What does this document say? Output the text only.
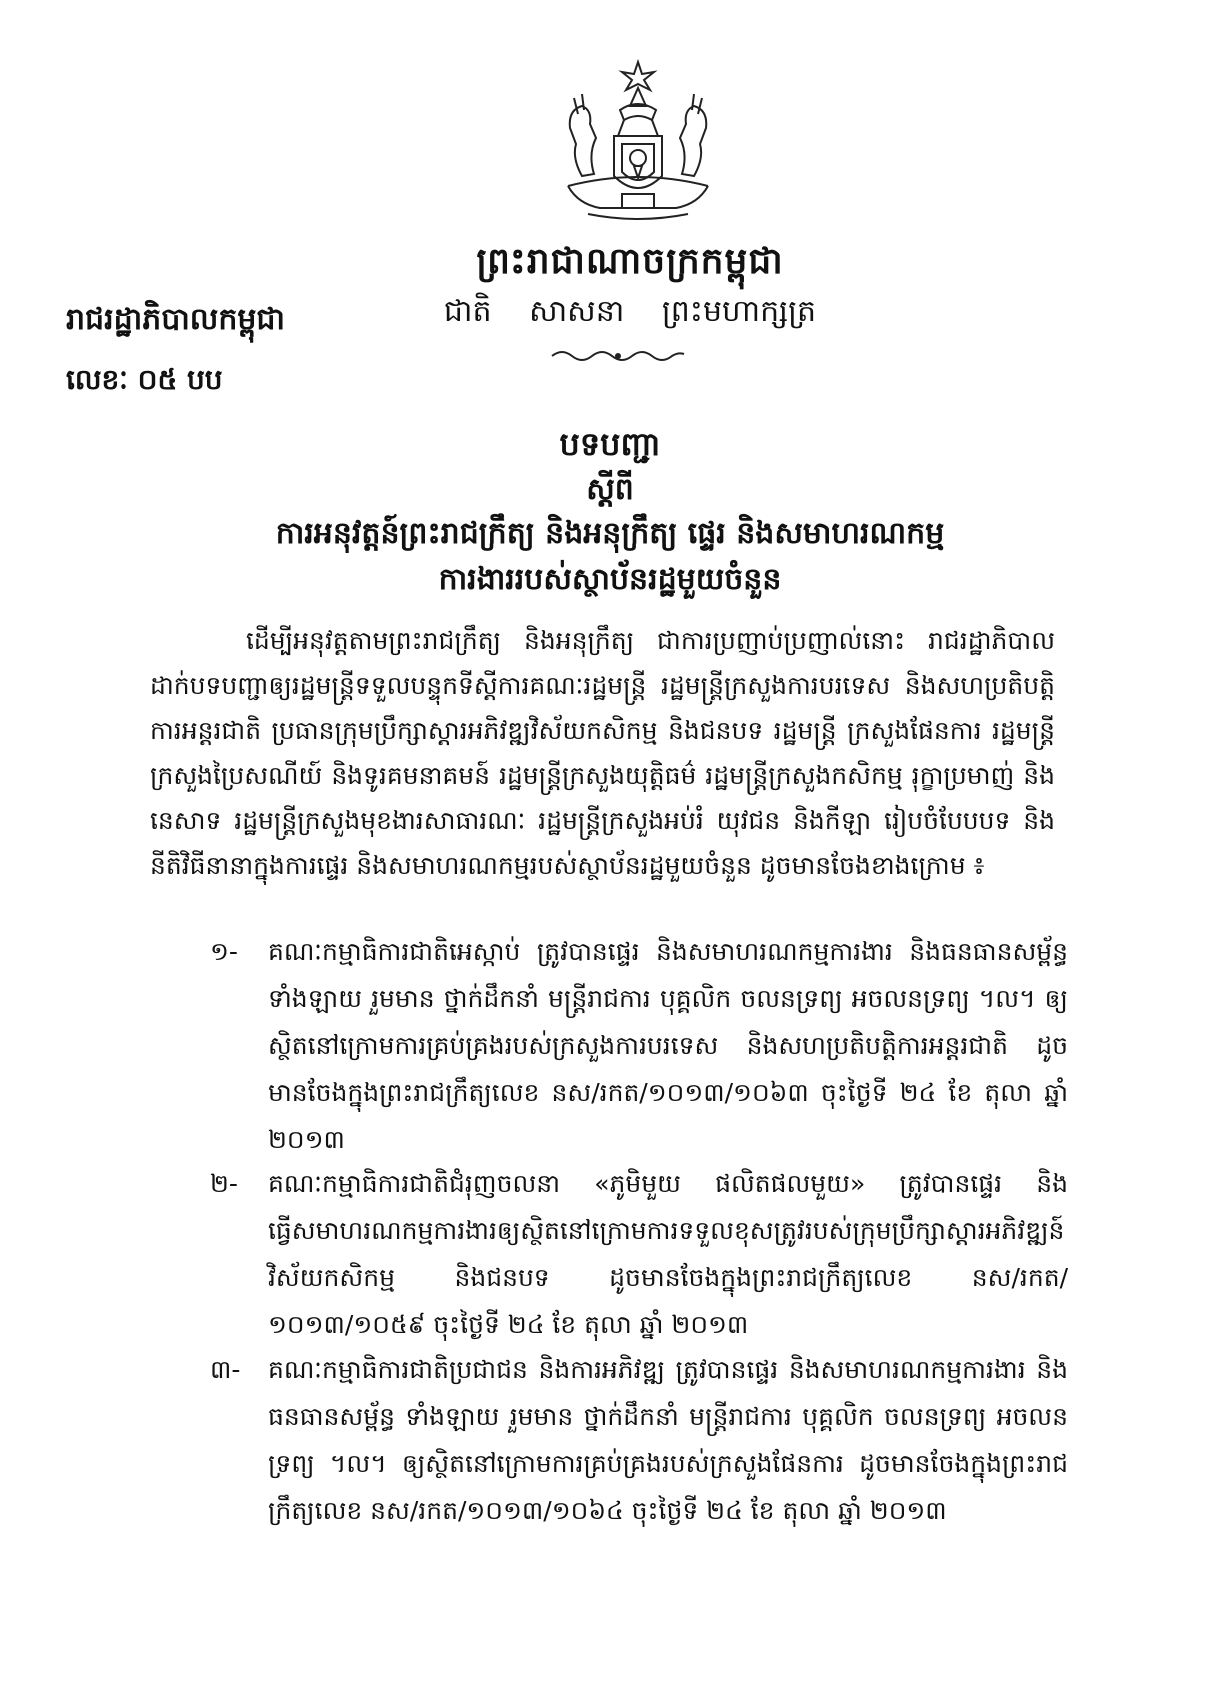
ព្រះរាជាណាចក្រកម្ពុជា
ជាតិ សាសនា ព្រះមហាក្សត្រ
រាជរដ្ឋាភិបាលកម្ពុជា
លេខៈ ០៥ បប
បទបញ្ជា
ស្តីពី
ការអនុវត្តន៍ព្រះរាជក្រឹត្យ និងអនុក្រឹត្យ ផ្ទេរ និងសមាហរណកម្ម
ការងាររបស់ស្ថាប័នរដ្ឋមួយចំនួន
ដើម្បីអនុវត្តតាមព្រះរាជក្រឹត្យ និងអនុក្រឹត្យ ជាការប្រញាប់ប្រញាល់នោះ រាជរដ្ឋាភិបាល ដាក់បទបញ្ជាឲ្យរដ្ឋមន្ត្រីទទួលបន្ទុកទីស្តីការគណៈរដ្ឋមន្ត្រី រដ្ឋមន្ត្រីក្រសួងការបរទេស និងសហប្រតិបត្តិការអន្តរជាតិ ប្រធានក្រុមប្រឹក្សាស្តារអភិវឌ្ឍវិស័យកសិកម្ម និងជនបទ រដ្ឋមន្ត្រី ក្រសួងផែនការ រដ្ឋមន្ត្រីក្រសួងប្រៃសណីយ៍ និងទូរគមនាគមន៍ រដ្ឋមន្ត្រីក្រសួងយុត្តិធម៌ រដ្ឋមន្ត្រីក្រសួងកសិកម្ម រុក្ខាប្រមាញ់ និងនេសាទ រដ្ឋមន្ត្រីក្រសួងមុខងារសាធារណៈ រដ្ឋមន្ត្រីក្រសួងអប់រំ យុវជន និងកីឡា រៀបចំបែបបទ និងនីតិវិធីនានាក្នុងការផ្ទេរ និងសមាហរណកម្មរបស់ស្ថាប័នរដ្ឋមួយចំនួន ដូចមានចែងខាងក្រោម ៖
១-	គណៈកម្មាធិការជាតិអេស្កាប់ ត្រូវបានផ្ទេរ និងសមាហរណកម្មការងារ និងធនធានសម្ព័ន្ធទាំងឡាយ រួមមាន ថ្នាក់ដឹកនាំ មន្ត្រីរាជការ បុគ្គលិក ចលនទ្រព្យ អចលនទ្រព្យ ។ល។ ឲ្យស្ថិតនៅក្រោមការគ្រប់គ្រងរបស់ក្រសួងការបរទេស និងសហប្រតិបត្តិការអន្តរជាតិ ដូចមានចែងក្នុងព្រះរាជក្រឹត្យលេខ នស/រកត/១០១៣/១០៦៣ ចុះថ្ងៃទី ២៤ ខែ តុលា ឆ្នាំ ២០១៣
២-	គណៈកម្មាធិការជាតិជំរុញចលនា «ភូមិមួយ ផលិតផលមួយ» ត្រូវបានផ្ទេរ និងធ្វើសមាហរណកម្មការងារឲ្យស្ថិតនៅក្រោមការទទួលខុសត្រូវរបស់ក្រុមប្រឹក្សាស្តារអភិវឌ្ឍន៍វិស័យកសិកម្ម និងជនបទ ដូចមានចែងក្នុងព្រះរាជក្រឹត្យលេខ នស/រកត/១០១៣/១០៥៩ ចុះថ្ងៃទី ២៤ ខែ តុលា ឆ្នាំ ២០១៣
៣-	គណៈកម្មាធិការជាតិប្រជាជន និងការអភិវឌ្ឍ ត្រូវបានផ្ទេរ និងសមាហរណកម្មការងារ និងធនធានសម្ព័ន្ធ ទាំងឡាយ រួមមាន ថ្នាក់ដឹកនាំ មន្ត្រីរាជការ បុគ្គលិក ចលនទ្រព្យ អចលនទ្រព្យ ។ល។ ឲ្យស្ថិតនៅក្រោមការគ្រប់គ្រងរបស់ក្រសួងផែនការ ដូចមានចែងក្នុងព្រះរាជក្រឹត្យលេខ នស/រកត/១០១៣/១០៦៤ ចុះថ្ងៃទី ២៤ ខែ តុលា ឆ្នាំ ២០១៣
